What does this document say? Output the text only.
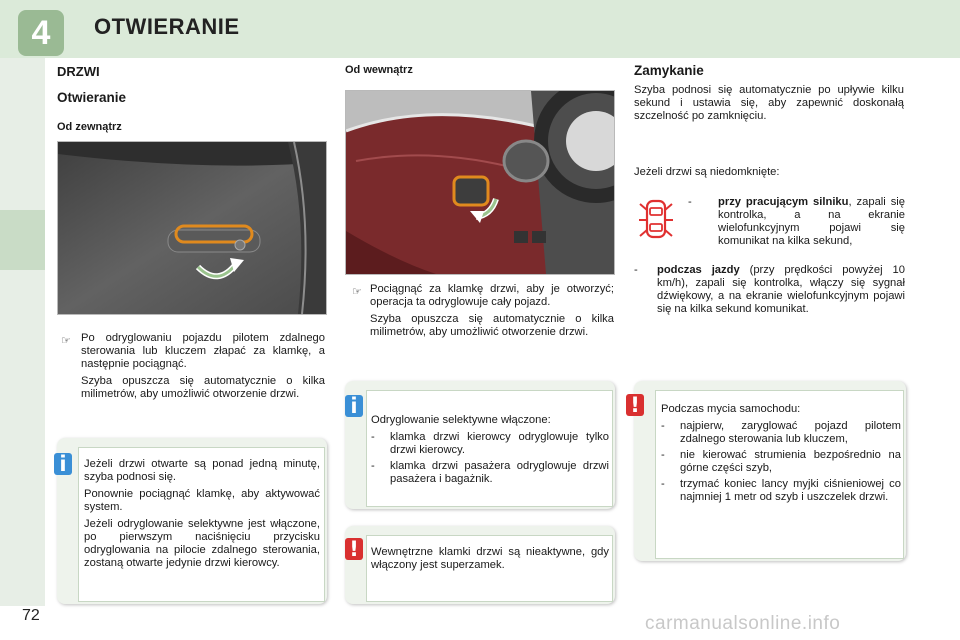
4	OTWIERANIE
DRZWI
Otwieranie
Od zewnątrz
☞ Po odryglowaniu pojazdu pilotem zdalnego sterowania lub kluczem złapać za klamkę, a następnie pociągnąć.

Szyba opuszcza się automatycznie o kilka milimetrów, aby umożliwić otworzenie drzwi.

Jeżeli drzwi otwarte są ponad jedną minutę, szyba podnosi się.

Ponownie pociągnąć klamkę, aby aktywować system.

Jeżeli odryglowanie selektywne jest włączone, po pierwszym naciśnięciu przycisku odryglowania na pilocie zdalnego sterowania, zostaną otwarte jedynie drzwi kierowcy.

i
Od wewnątrz
☞ Pociągnąć za klamkę drzwi, aby je otworzyć; operacja ta odryglowuje cały pojazd.

Szyba opuszcza się automatycznie o kilka milimetrów, aby umożliwić otworzenie drzwi.

Odryglowanie selektywne włączone:

- klamka drzwi kierowcy odryglowuje tylko drzwi kierowcy.
- klamka drzwi pasażera odryglowuje drzwi pasażera i bagażnik.
i

Wewnętrzne klamki drzwi są nieaktywne, gdy włączony jest superzamek.

!
Zamykanie

Szyba podnosi się automatycznie po upływie kilku sekund i ustawia się, aby zapewnić doskonałą szczelność po zamknięciu.

Jeżeli drzwi są niedomknięte:
- przy pracującym silniku, zapali się kontrolka, a na ekranie wielofunkcyjnym pojawi się komunikat na kilka sekund,
- podczas jazdy (przy prędkości powyżej 10 km/h), zapali się kontrolka, włączy się sygnał dźwiękowy, a na ekranie wielofunkcyjnym pojawi się na kilka sekund komunikat.

Podczas mycia samochodu:

- najpierw, zaryglować pojazd pilotem zdalnego sterowania lub kluczem,
- nie kierować strumienia bezpośrednio na górne części szyb,
- trzymać koniec lancy myjki ciśnieniowej co najmniej 1 metr od szyb i uszczelek drzwi.
!
72	carmanualsonline.info
